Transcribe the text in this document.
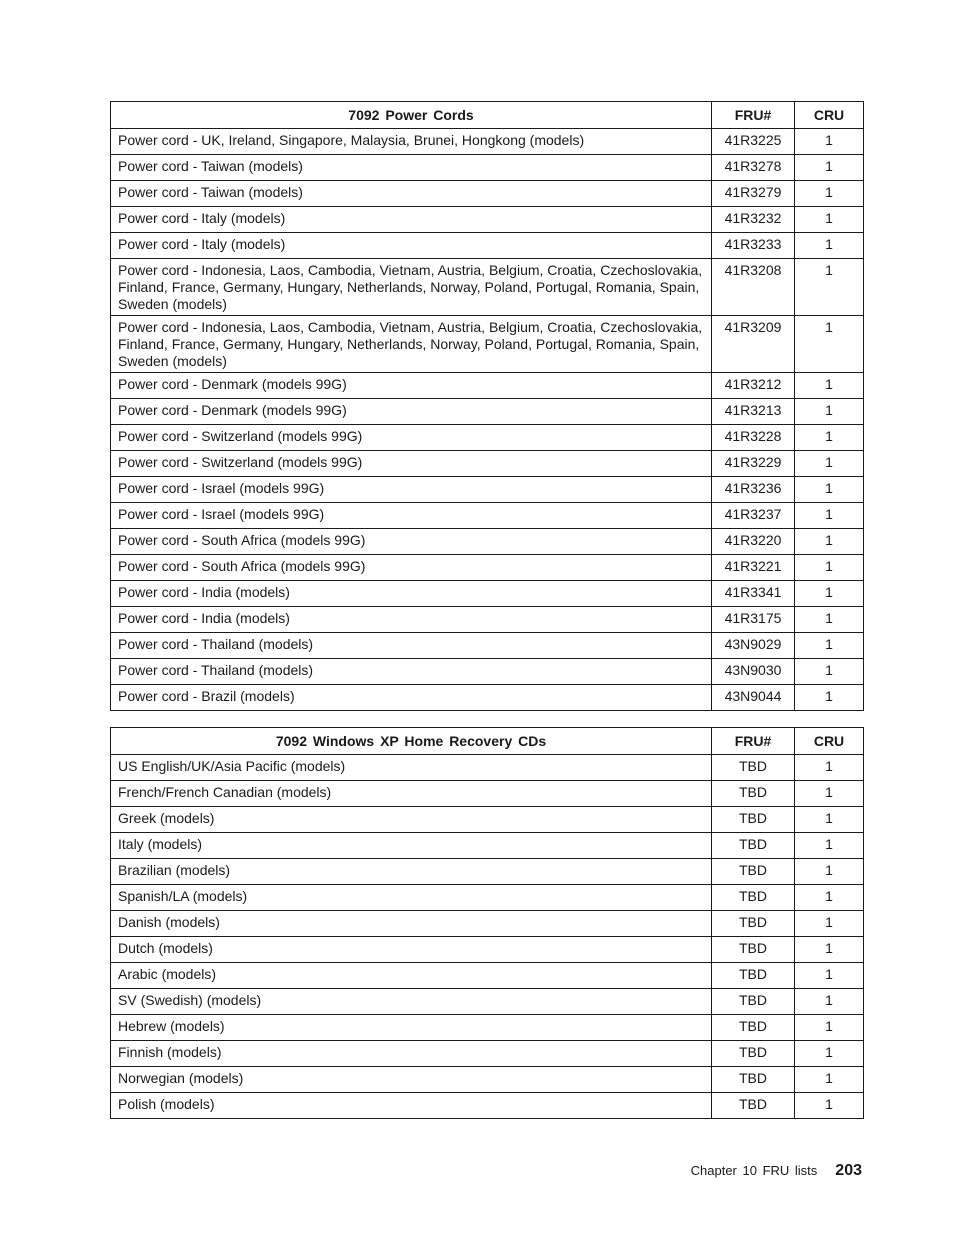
7092 Power Cords	FRU#	CRU
Power cord - UK, Ireland, Singapore, Malaysia, Brunei, Hongkong (models)	41R3225	1
Power cord - Taiwan (models)	41R3278	1
Power cord - Taiwan (models)	41R3279	1
Power cord - Italy (models)	41R3232	1
Power cord - Italy (models)	41R3233	1
Power cord - Indonesia, Laos, Cambodia, Vietnam, Austria, Belgium, Croatia, Czechoslovakia, Finland, France, Germany, Hungary, Netherlands, Norway, Poland, Portugal, Romania, Spain, Sweden (models)	41R3208	1
Power cord - Indonesia, Laos, Cambodia, Vietnam, Austria, Belgium, Croatia, Czechoslovakia, Finland, France, Germany, Hungary, Netherlands, Norway, Poland, Portugal, Romania, Spain, Sweden (models)	41R3209	1
Power cord - Denmark (models 99G)	41R3212	1
Power cord - Denmark (models 99G)	41R3213	1
Power cord - Switzerland (models 99G)	41R3228	1
Power cord - Switzerland (models 99G)	41R3229	1
Power cord - Israel (models 99G)	41R3236	1
Power cord - Israel (models 99G)	41R3237	1
Power cord - South Africa (models 99G)	41R3220	1
Power cord - South Africa (models 99G)	41R3221	1
Power cord - India (models)	41R3341	1
Power cord - India (models)	41R3175	1
Power cord - Thailand (models)	43N9029	1
Power cord - Thailand (models)	43N9030	1
Power cord - Brazil (models)	43N9044	1
7092 Windows XP Home Recovery CDs	FRU#	CRU
US English/UK/Asia Pacific (models)	TBD	1
French/French Canadian (models)	TBD	1
Greek (models)	TBD	1
Italy (models)	TBD	1
Brazilian (models)	TBD	1
Spanish/LA (models)	TBD	1
Danish (models)	TBD	1
Dutch (models)	TBD	1
Arabic (models)	TBD	1
SV (Swedish) (models)	TBD	1
Hebrew (models)	TBD	1
Finnish (models)	TBD	1
Norwegian (models)	TBD	1
Polish (models)	TBD	1
Chapter 10 FRU lists 203
